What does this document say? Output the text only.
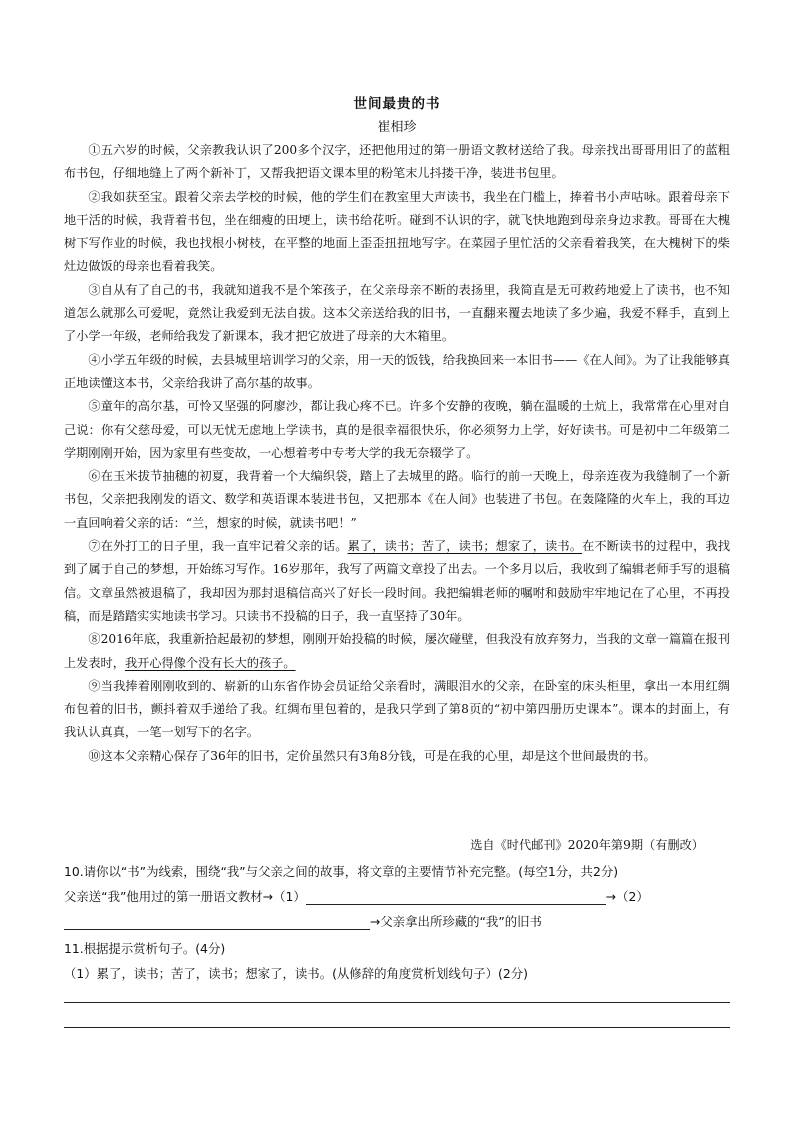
世间最贵的书
崔相珍

①五六岁的时候，父亲教我认识了200多个汉字，还把他用过的第一册语文教材送给了我。母亲找出哥哥用旧了的蓝粗布书包，仔细地缝上了两个新补丁，又帮我把语文课本里的粉笔末儿抖搂干净，装进书包里。

②我如获至宝。跟着父亲去学校的时候，他的学生们在教室里大声读书，我坐在门槛上，捧着书小声咕咏。跟着母亲下地干活的时候，我背着书包，坐在细瘦的田埂上，读书给花听。碰到不认识的字，就飞快地跑到母亲身边求教。哥哥在大槐树下写作业的时候，我也找根小树枝，在平整的地面上歪歪扭扭地写字。在菜园子里忙活的父亲看着我笑，在大槐树下的柴灶边做饭的母亲也看着我笑。

③自从有了自己的书，我就知道我不是个笨孩子，在父亲母亲不断的表扬里，我简直是无可救药地爱上了读书，也不知道怎么就那么可爱呢，竟然让我爱到无法自拔。这本父亲送给我的旧书，一直翻来覆去地读了多少遍，我爱不释手，直到上了小学一年级，老师给我发了新课本，我才把它放进了母亲的大木箱里。

④小学五年级的时候，去县城里培训学习的父亲，用一天的饭钱，给我换回来一本旧书——《在人间》。为了让我能够真正地读懂这本书，父亲给我讲了高尔基的故事。

⑤童年的高尔基，可怜又坚强的阿廖沙，都让我心疼不已。许多个安静的夜晚，躺在温暖的土炕上，我常常在心里对自己说：你有父慈母爱，可以无忧无虑地上学读书，真的是很幸福很快乐，你必须努力上学，好好读书。可是初中二年级第二学期刚刚开始，因为家里有些变故，一心想着考中专考大学的我无奈辍学了。

⑥在玉米拔节抽穗的初夏，我背着一个大编织袋，踏上了去城里的路。临行的前一天晚上，母亲连夜为我缝制了一个新书包，父亲把我刚发的语文、数学和英语课本装进书包，又把那本《在人间》也装进了书包。在轰隆隆的火车上，我的耳边一直回响着父亲的话：“兰，想家的时候，就读书吧！”

⑦在外打工的日子里，我一直牢记着父亲的话。累了，读书；苦了，读书；想家了，读书。在不断读书的过程中，我找到了属于自己的梦想，开始练习写作。16岁那年，我写了两篇文章投了出去。一个多月以后，我收到了编辑老师手写的退稿信。文章虽然被退稿了，我却因为那封退稿信高兴了好长一段时间。我把编辑老师的嘱咐和鼓励牢牢地记在了心里，不再投稿，而是踏踏实实地读书学习。只读书不投稿的日子，我一直坚持了30年。

⑧2016年底，我重新拾起最初的梦想，刚刚开始投稿的时候，屡次碰壁，但我没有放弃努力，当我的文章一篇篇在报刊上发表时，我开心得像个没有长大的孩子。

⑨当我捧着刚刚收到的、崭新的山东省作协会员证给父亲看时，满眼泪水的父亲，在卧室的床头柜里，拿出一本用红绸布包着的旧书，颤抖着双手递给了我。红绸布里包着的，是我只学到了第8页的“初中第四册历史课本”。课本的封面上，有我认认真真，一笔一划写下的名字。

⑩这本父亲精心保存了36年的旧书，定价虽然只有3角8分钱，可是在我的心里，却是这个世间最贵的书。

选自《时代邮刊》2020年第9期（有删改）
10.请你以“书”为线索，围绕“我”与父亲之间的故事，将文章的主要情节补充完整。(每空1分，共2分)
父亲送“我”他用过的第一册语文教材→（1）	→（2）
→父亲拿出所珍藏的“我”的旧书
11.根据提示赏析句子。(4分)
（1）累了，读书；苦了，读书；想家了，读书。(从修辞的角度赏析划线句子）(2分)
